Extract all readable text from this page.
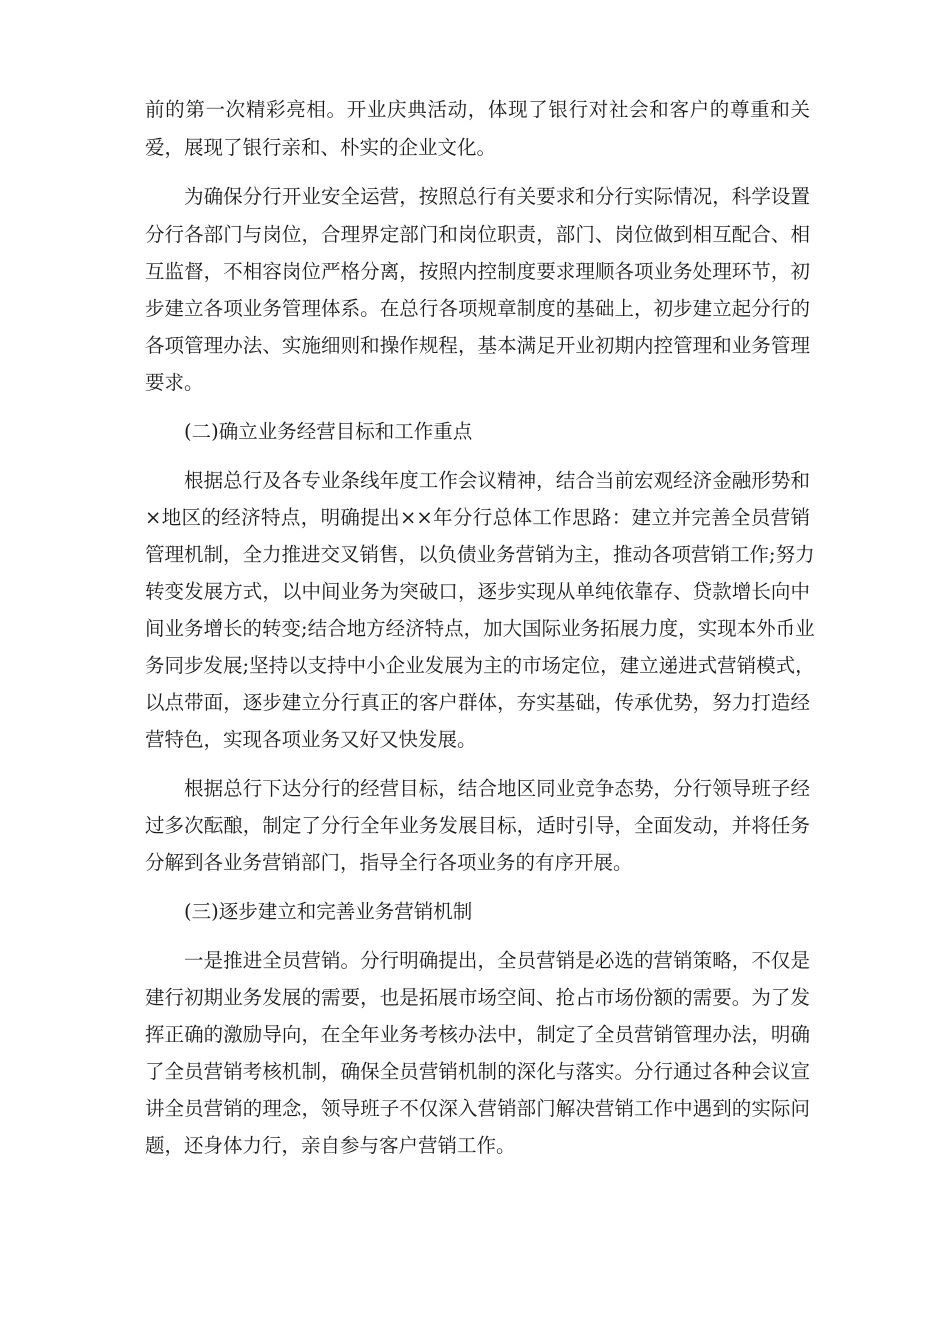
前的第一次精彩亮相。开业庆典活动，体现了银行对社会和客户的尊重和关
爱，展现了银行亲和、朴实的企业文化。
为确保分行开业安全运营，按照总行有关要求和分行实际情况，科学设置
分行各部门与岗位，合理界定部门和岗位职责，部门、岗位做到相互配合、相
互监督，不相容岗位严格分离，按照内控制度要求理顺各项业务处理环节，初
步建立各项业务管理体系。在总行各项规章制度的基础上，初步建立起分行的
各项管理办法、实施细则和操作规程，基本满足开业初期内控管理和业务管理
要求。
(二)确立业务经营目标和工作重点
根据总行及各专业条线年度工作会议精神，结合当前宏观经济金融形势和
×地区的经济特点，明确提出××年分行总体工作思路：建立并完善全员营销
管理机制，全力推进交叉销售，以负债业务营销为主，推动各项营销工作;努力
转变发展方式，以中间业务为突破口，逐步实现从单纯依靠存、贷款增长向中
间业务增长的转变;结合地方经济特点，加大国际业务拓展力度，实现本外币业
务同步发展;坚持以支持中小企业发展为主的市场定位，建立递进式营销模式，
以点带面，逐步建立分行真正的客户群体，夯实基础，传承优势，努力打造经
营特色，实现各项业务又好又快发展。
根据总行下达分行的经营目标，结合地区同业竞争态势，分行领导班子经
过多次酝酿，制定了分行全年业务发展目标，适时引导，全面发动，并将任务
分解到各业务营销部门，指导全行各项业务的有序开展。
(三)逐步建立和完善业务营销机制
一是推进全员营销。分行明确提出，全员营销是必选的营销策略，不仅是
建行初期业务发展的需要，也是拓展市场空间、抢占市场份额的需要。为了发
挥正确的激励导向，在全年业务考核办法中，制定了全员营销管理办法，明确
了全员营销考核机制，确保全员营销机制的深化与落实。分行通过各种会议宣
讲全员营销的理念，领导班子不仅深入营销部门解决营销工作中遇到的实际问
题，还身体力行，亲自参与客户营销工作。
